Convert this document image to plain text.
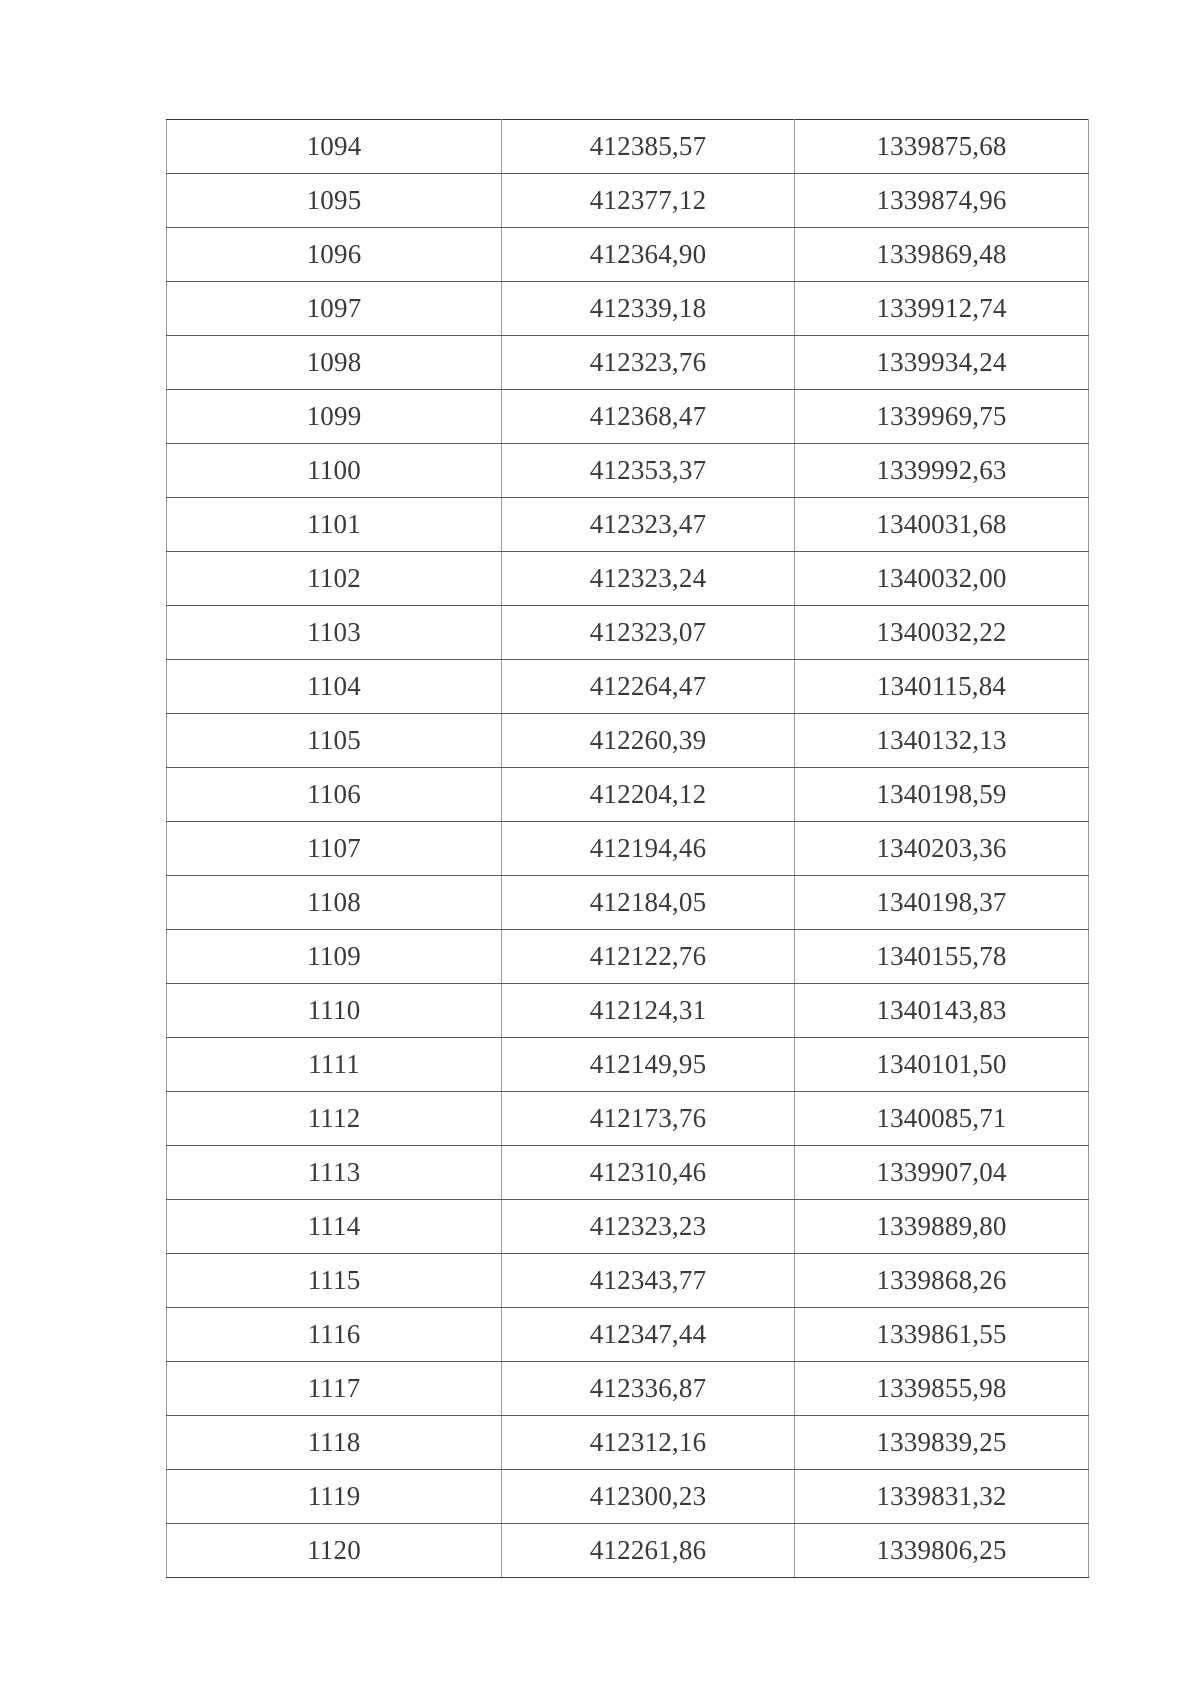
1094	412385,57	1339875,68
1095	412377,12	1339874,96
1096	412364,90	1339869,48
1097	412339,18	1339912,74
1098	412323,76	1339934,24
1099	412368,47	1339969,75
1100	412353,37	1339992,63
1101	412323,47	1340031,68
1102	412323,24	1340032,00
1103	412323,07	1340032,22
1104	412264,47	1340115,84
1105	412260,39	1340132,13
1106	412204,12	1340198,59
1107	412194,46	1340203,36
1108	412184,05	1340198,37
1109	412122,76	1340155,78
1110	412124,31	1340143,83
1111	412149,95	1340101,50
1112	412173,76	1340085,71
1113	412310,46	1339907,04
1114	412323,23	1339889,80
1115	412343,77	1339868,26
1116	412347,44	1339861,55
1117	412336,87	1339855,98
1118	412312,16	1339839,25
1119	412300,23	1339831,32
1120	412261,86	1339806,25
